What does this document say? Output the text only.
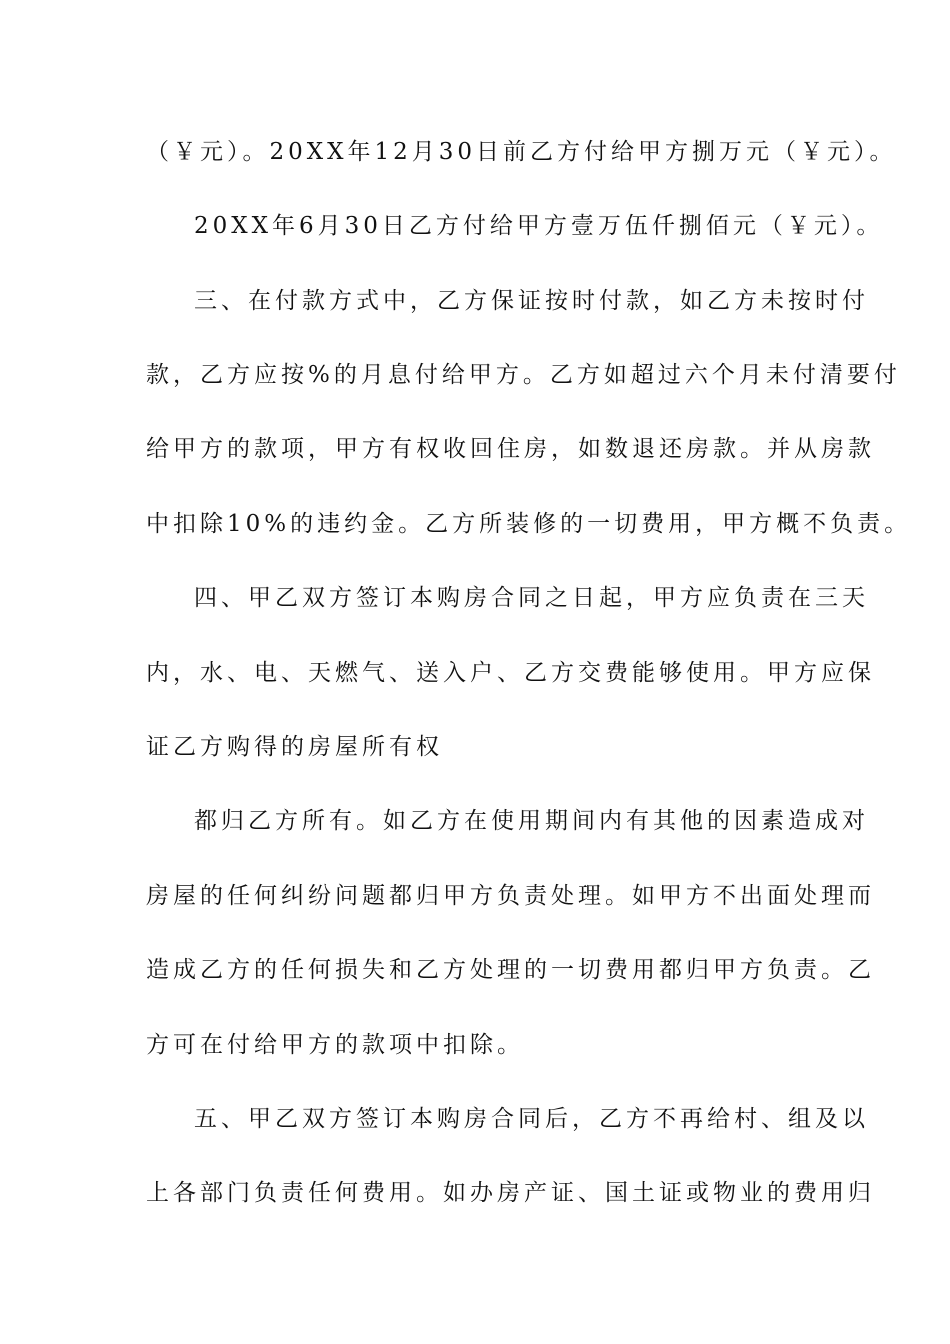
（￥元）。20XX年12月30日前乙方付给甲方捌万元（￥元）。
20XX年6月30日乙方付给甲方壹万伍仟捌佰元（￥元）。
三、在付款方式中，乙方保证按时付款，如乙方未按时付
款，乙方应按%的月息付给甲方。乙方如超过六个月未付清要付
给甲方的款项，甲方有权收回住房，如数退还房款。并从房款
中扣除10%的违约金。乙方所装修的一切费用，甲方概不负责。
四、甲乙双方签订本购房合同之日起，甲方应负责在三天
内，水、电、天燃气、送入户、乙方交费能够使用。甲方应保
证乙方购得的房屋所有权
都归乙方所有。如乙方在使用期间内有其他的因素造成对
房屋的任何纠纷问题都归甲方负责处理。如甲方不出面处理而
造成乙方的任何损失和乙方处理的一切费用都归甲方负责。乙
方可在付给甲方的款项中扣除。
五、甲乙双方签订本购房合同后，乙方不再给村、组及以
上各部门负责任何费用。如办房产证、国土证或物业的费用归
